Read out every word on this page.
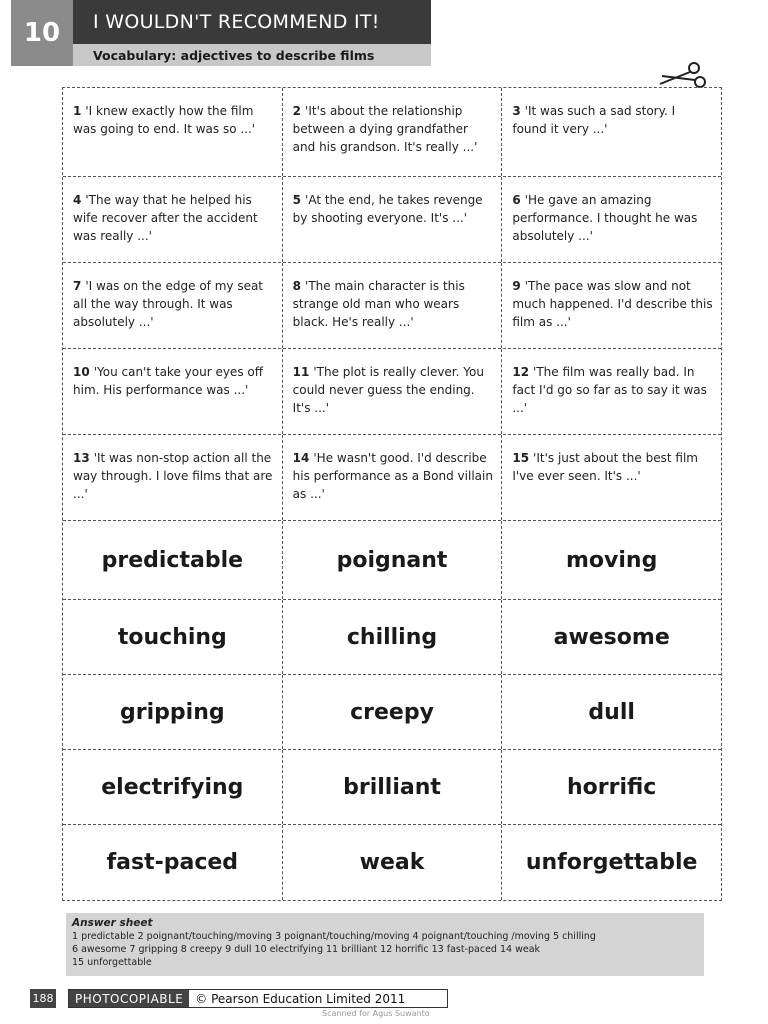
10	I WOULDN'T RECOMMEND IT!
Vocabulary: adjectives to describe films
1 'I knew exactly how the film was going to end. It was so ...'
2 'It's about the relationship between a dying grandfather and his grandson. It's really ...'
3 'It was such a sad story. I found it very ...'
4 'The way that he helped his wife recover after the accident was really ...'
5 'At the end, he takes revenge by shooting everyone. It's ...'
6 'He gave an amazing performance. I thought he was absolutely ...'
7 'I was on the edge of my seat all the way through. It was absolutely ...'
8 'The main character is this strange old man who wears black. He's really ...'
9 'The pace was slow and not much happened. I'd describe this film as ...'
10 'You can't take your eyes off him. His performance was ...'
11 'The plot is really clever. You could never guess the ending. It's ...'
12 'The film was really bad. In fact I'd go so far as to say it was ...'
13 'It was non-stop action all the way through. I love films that are ...'
14 'He wasn't good. I'd describe his performance as a Bond villain as ...'
15 'It's just about the best film I've ever seen. It's ...'
predictable	poignant	moving
touching	chilling	awesome
gripping	creepy	dull
electrifying	brilliant	horrific
fast-paced	weak	unforgettable
Answer sheet
1 predictable 2 poignant/touching/moving 3 poignant/touching/moving 4 poignant/touching /moving 5 chilling
6 awesome 7 gripping 8 creepy 9 dull 10 electrifying 11 brilliant 12 horrific 13 fast-paced 14 weak
15 unforgettable
188	PHOTOCOPIABLE	© Pearson Education Limited 2011
Scanned for Agus Suwanto
